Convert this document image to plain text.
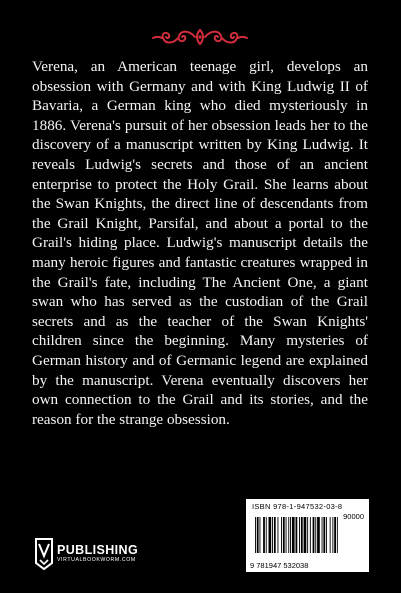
Verena, an American teenage girl, develops an obsession with Germany and with King Ludwig II of Bavaria, a German king who died mysteriously in 1886. Verena's pursuit of her obsession leads her to the discovery of a manuscript written by King Ludwig. It reveals Ludwig's secrets and those of an ancient enterprise to protect the Holy Grail. She learns about the Swan Knights, the direct line of descendants from the Grail Knight, Parsifal, and about a portal to the Grail's hiding place. Ludwig's manuscript details the many heroic figures and fantastic creatures wrapped in the Grail's fate, including The Ancient One, a giant swan who has served as the custodian of the Grail secrets and as the teacher of the Swan Knights' children since the beginning. Many mysteries of German history and of Germanic legend are explained by the manuscript. Verena eventually discovers her own connection to the Grail and its stories, and the reason for the strange obsession.

ISBN 978-1-947532-03-8
90000
9 781947 532038
PUBLISHING
VIRTUALBOOKWORM.COM
